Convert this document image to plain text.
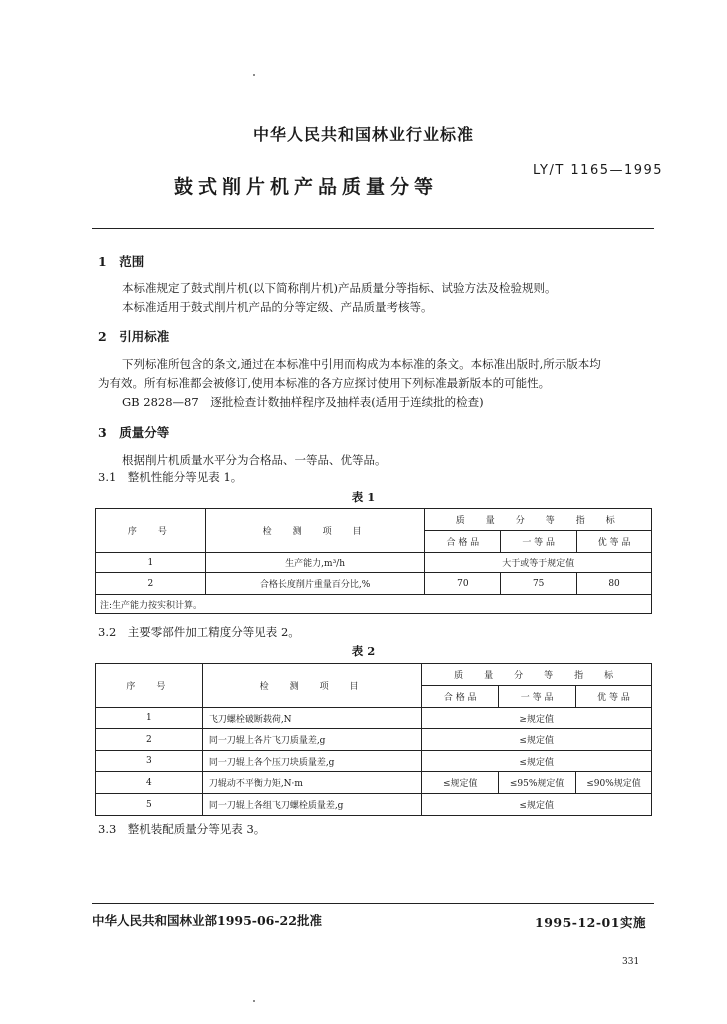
中华人民共和国林业行业标准
鼓式削片机产品质量分等
LY/T 1165—1995
1　范围
本标准规定了鼓式削片机(以下简称削片机)产品质量分等指标、试验方法及检验规则。
本标准适用于鼓式削片机产品的分等定级、产品质量考核等。
2　引用标准
下列标准所包含的条文,通过在本标准中引用而构成为本标准的条文。本标准出版时,所示版本均
为有效。所有标准都会被修订,使用本标准的各方应探讨使用下列标准最新版本的可能性。
GB 2828—87　逐批检查计数抽样程序及抽样表(适用于连续批的检查)
3　质量分等
根据削片机质量水平分为合格品、一等品、优等品。
3.1　整机性能分等见表 1。
表 1
序　号	检　测　项　目	质　量　分　等　指　标		
		合 格 品	一 等 品	优 等 品
1	生产能力,m³/h	大于或等于规定值		
2	合格长度削片重量百分比,%	70	75	80
注:生产能力按实积计算。				
3.2　主要零部件加工精度分等见表 2。
表 2
序　号	检　测　项　目	质　量　分　等　指　标		
		合 格 品	一 等 品	优 等 品
1	飞刀螺栓破断载荷,N	≥规定值		
2	同一刀辊上各片飞刀质量差,g	≤规定值		
3	同一刀辊上各个压刀块质量差,g	≤规定值		
4	刀辊动不平衡力矩,N·m	≤规定值	≤95%规定值	≤90%规定值
5	同一刀辊上各组飞刀螺栓质量差,g	≤规定值		
3.3　整机装配质量分等见表 3。
中华人民共和国林业部1995-06-22批准	1995-12-01实施
331
